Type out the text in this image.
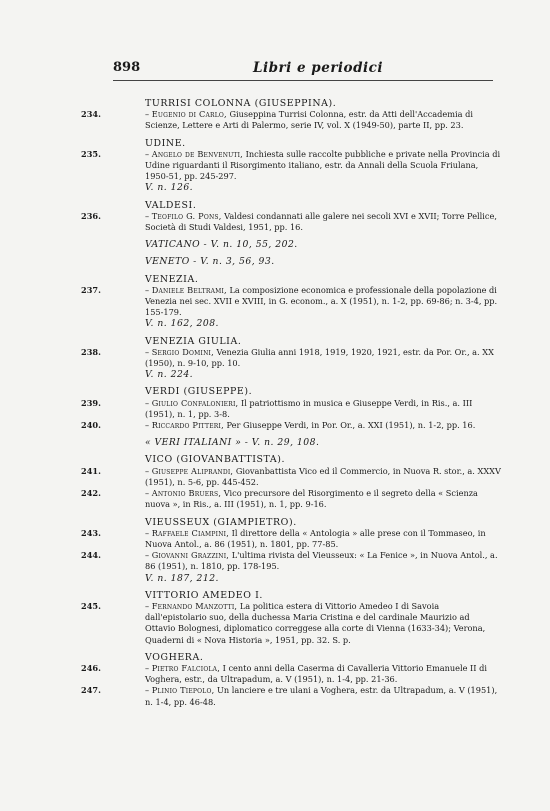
898	Libri e periodici
TURRISI COLONNA (GIUSEPPINA).
234.	– Eugenio di Carlo, Giuseppina Turrisi Colonna, estr. da Atti dell'Accademia di Scienze, Lettere e Arti di Palermo, serie IV, vol. X (1949-50), parte II, pp. 23.
UDINE.
235.	– Angelo de Benvenuti, Inchiesta sulle raccolte pubbliche e private nella Provincia di Udine riguardanti il Risorgimento italiano, estr. da Annali della Scuola Friulana, 1950-51, pp. 245-297.
V. n. 126.
VALDESI.
236.	– Teofilo G. Pons, Valdesi condannati alle galere nei secoli XVI e XVII; Torre Pellice, Società di Studi Valdesi, 1951, pp. 16.
VATICANO - V. n. 10, 55, 202.
VENETO - V. n. 3, 56, 93.
VENEZIA.
237.	– Daniele Beltrami, La composizione economica e professionale della popolazione di Venezia nei sec. XVII e XVIII, in G. econom., a. X (1951), n. 1-2, pp. 69-86; n. 3-4, pp. 155-179.
V. n. 162, 208.
VENEZIA GIULIA.
238.	– Sergio Domini, Venezia Giulia anni 1918, 1919, 1920, 1921, estr. da Por. Or., a. XX (1950), n. 9-10, pp. 10.
V. n. 224.
VERDI (GIUSEPPE).
239.	– Giulio Confalonieri, Il patriottismo in musica e Giuseppe Verdi, in Ris., a. III (1951), n. 1, pp. 3-8.
240.	– Riccardo Pitteri, Per Giuseppe Verdi, in Por. Or., a. XXI (1951), n. 1-2, pp. 16.
« VERI ITALIANI » - V. n. 29, 108.
VICO (GIOVANBATTISTA).
241.	– Giuseppe Aliprandi, Giovanbattista Vico ed il Commercio, in Nuova R. stor., a. XXXV (1951), n. 5-6, pp. 445-452.
242.	– Antonio Bruers, Vico precursore del Risorgimento e il segreto della « Scienza nuova », in Ris., a. III (1951), n. 1, pp. 9-16.
VIEUSSEUX (GIAMPIETRO).
243.	– Raffaele Ciampini, Il direttore della « Antologia » alle prese con il Tommaseo, in Nuova Antol., a. 86 (1951), n. 1801, pp. 77-85.
244.	– Giovanni Grazzini, L'ultima rivista del Vieusseux: « La Fenice », in Nuova Antol., a. 86 (1951), n. 1810, pp. 178-195.
V. n. 187, 212.
VITTORIO AMEDEO I.
245.	– Fernando Manzotti, La politica estera di Vittorio Amedeo I di Savoia dall'epistolario suo, della duchessa Maria Cristina e del cardinale Maurizio ad Ottavio Bolognesi, diplomatico correggese alla corte di Vienna (1633-34); Verona, Quaderni di « Nova Historia », 1951, pp. 32. S. p.
VOGHERA.
246.	– Pietro Falciola, I cento anni della Caserma di Cavalleria Vittorio Emanuele II di Voghera, estr., da Ultrapadum, a. V (1951), n. 1-4, pp. 21-36.
247.	– Plinio Tiepolo, Un lanciere e tre ulani a Voghera, estr. da Ultrapadum, a. V (1951), n. 1-4, pp. 46-48.
